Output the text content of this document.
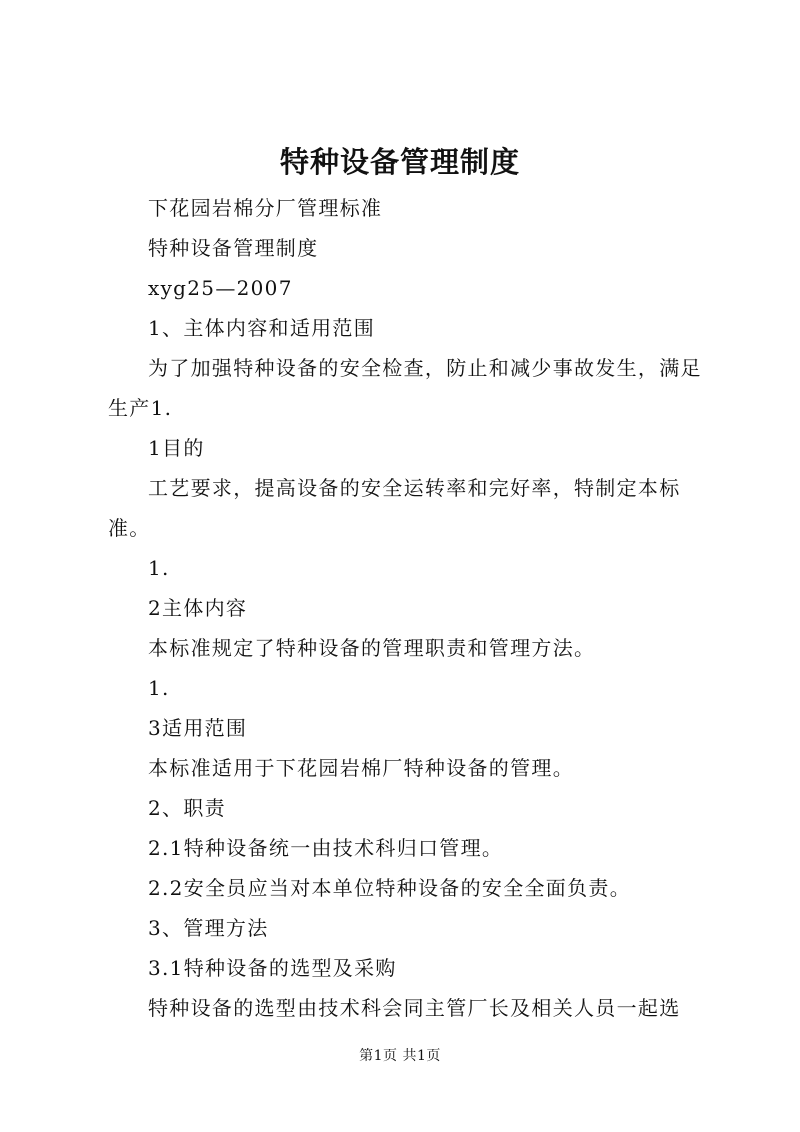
特种设备管理制度

下花园岩棉分厂管理标准

特种设备管理制度

xyg25—2007

1、主体内容和适用范围

为了加强特种设备的安全检查，防止和减少事故发生，满足生产1.

1目的

工艺要求，提高设备的安全运转率和完好率，特制定本标准。

1.

2主体内容

本标准规定了特种设备的管理职责和管理方法。

1.

3适用范围

本标准适用于下花园岩棉厂特种设备的管理。

2、职责

2.1特种设备统一由技术科归口管理。

2.2安全员应当对本单位特种设备的安全全面负责。

3、管理方法

3.1特种设备的选型及采购

特种设备的选型由技术科会同主管厂长及相关人员一起选

第1页 共1页
